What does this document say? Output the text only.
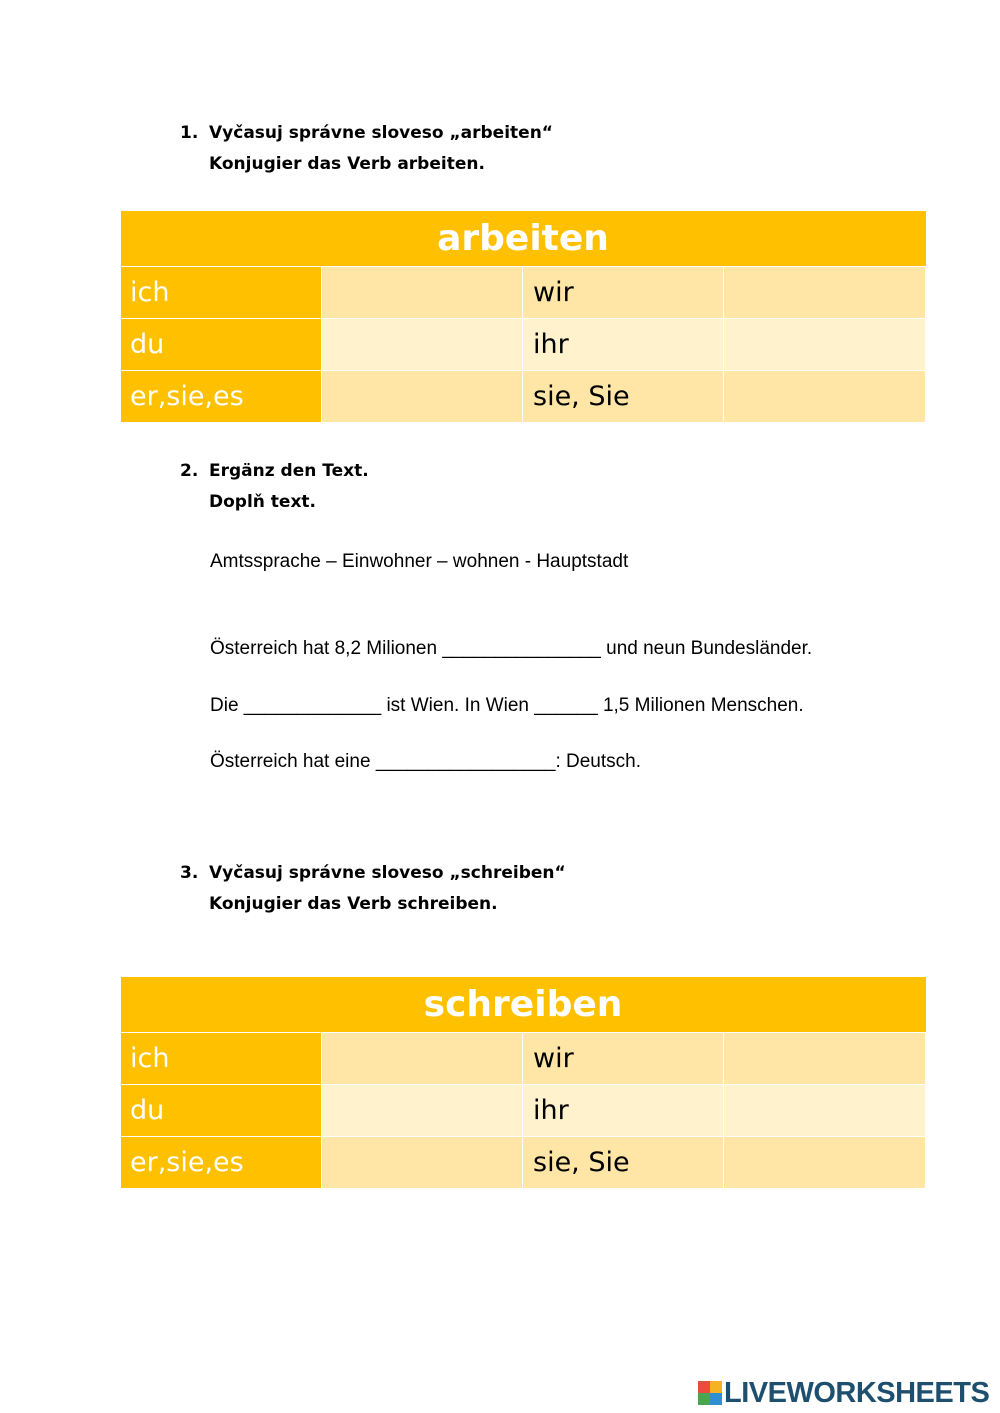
1. Vyčasuj správne sloveso „arbeiten“
Konjugier das Verb arbeiten.
arbeiten			
ich		wir	
du		ihr	
er,sie,es		sie, Sie	
2. Ergänz den Text.
Doplň text.
Amtssprache – Einwohner – wohnen - Hauptstadt
Österreich hat 8,2 Milionen _______________ und neun Bundesländer.
Die _____________ ist Wien. In Wien ______ 1,5 Milionen Menschen.
Österreich hat eine _________________: Deutsch.
3. Vyčasuj správne sloveso „schreiben“
Konjugier das Verb schreiben.
schreiben			
ich		wir	
du		ihr	
er,sie,es		sie, Sie	
LIVEWORKSHEETS
